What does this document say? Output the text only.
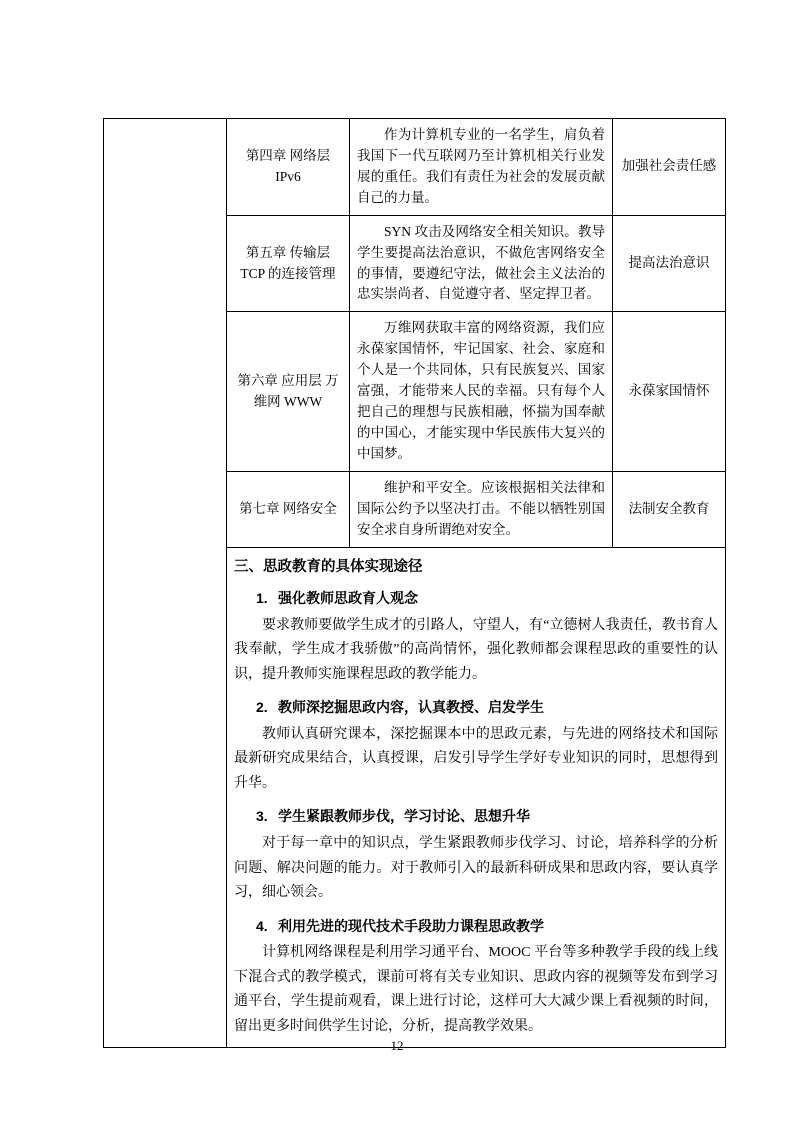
	第四章 网络层 IPv6	作为计算机专业的一名学生，肩负着我国下一代互联网乃至计算机相关行业发展的重任。我们有责任为社会的发展贡献自己的力量。	加强社会责任感
	第五章 传输层 TCP 的连接管理	SYN 攻击及网络安全相关知识。教导学生要提高法治意识，不做危害网络安全的事情，要遵纪守法，做社会主义法治的忠实崇尚者、自觉遵守者、坚定捍卫者。	提高法治意识
	第六章 应用层 万维网 WWW	万维网获取丰富的网络资源，我们应永葆家国情怀，牢记国家、社会、家庭和个人是一个共同体，只有民族复兴、国家富强，才能带来人民的幸福。只有每个人把自己的理想与民族相融，怀揣为国奉献的中国心，才能实现中华民族伟大复兴的中国梦。	永葆家国情怀
	第七章 网络安全	维护和平安全。应该根据相关法律和国际公约予以坚决打击。不能以牺牲别国安全求自身所谓绝对安全。	法制安全教育

三、思政教育的具体实现途径
1. 强化教师思政育人观念

要求教师要做学生成才的引路人，守望人，有“立德树人我责任，教书育人我奉献，学生成才我骄傲”的高尚情怀，强化教师都会课程思政的重要性的认识，提升教师实施课程思政的教学能力。

2. 教师深挖掘思政内容，认真教授、启发学生

教师认真研究课本，深挖掘课本中的思政元素，与先进的网络技术和国际最新研究成果结合，认真授课，启发引导学生学好专业知识的同时，思想得到升华。

3. 学生紧跟教师步伐，学习讨论、思想升华

对于每一章中的知识点，学生紧跟教师步伐学习、讨论，培养科学的分析问题、解决问题的能力。对于教师引入的最新科研成果和思政内容，要认真学习，细心领会。

4. 利用先进的现代技术手段助力课程思政教学

计算机网络课程是利用学习通平台、MOOC 平台等多种教学手段的线上线下混合式的教学模式，课前可将有关专业知识、思政内容的视频等发布到学习通平台，学生提前观看，课上进行讨论，这样可大大减少课上看视频的时间，留出更多时间供学生讨论，分析，提高教学效果。

12
